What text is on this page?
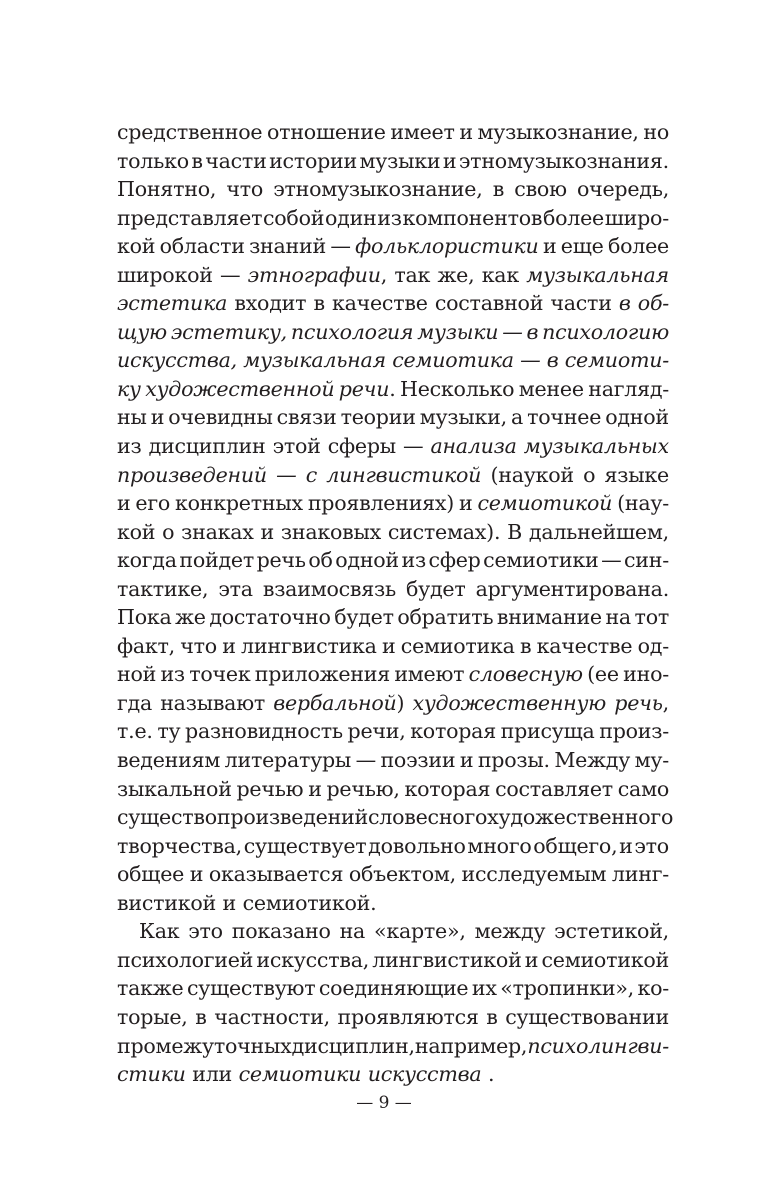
средственное отношение имеет и музыкознание, но
только в части истории музыки и этномузыкознания.
Понятно, что этномузыкознание, в свою очередь,
представляет собой один из компонентов более широ-
кой области знаний — фольклористики и еще более
широкой — этнографии, так же, как музыкальная
эстетика входит в качестве составной части в об-
щую эстетику, психология музыки — в психологию
искусства, музыкальная семиотика — в семиоти-
ку художественной речи. Несколько менее нагляд-
ны и очевидны связи теории музыки, а точнее одной
из дисциплин этой сферы — анализа музыкальных
произведений — с лингвистикой (наукой о языке
и его конкретных проявлениях) и семиотикой (нау-
кой о знаках и знаковых системах). В дальнейшем,
когда пойдет речь об одной из сфер семиотики — син-
тактике, эта взаимосвязь будет аргументирована.
Пока же достаточно будет обратить внимание на тот
факт, что и лингвистика и семиотика в качестве од-
ной из точек приложения имеют словесную (ее ино-
гда называют вербальной) художественную речь,
т.е. ту разновидность речи, которая присуща произ-
ведениям литературы — поэзии и прозы. Между му-
зыкальной речью и речью, которая составляет само
существо произведений словесного художественного
творчества, существует довольно много общего, и это
общее и оказывается объектом, исследуемым линг-
вистикой и семиотикой.
Как это показано на «карте», между эстетикой,
психологией искусства, лингвистикой и семиотикой
также существуют соединяющие их «тропинки», ко-
торые, в частности, проявляются в существовании
промежуточных дисциплин, например, психолингви-
стики или семиотики искусства .
— 9 —
